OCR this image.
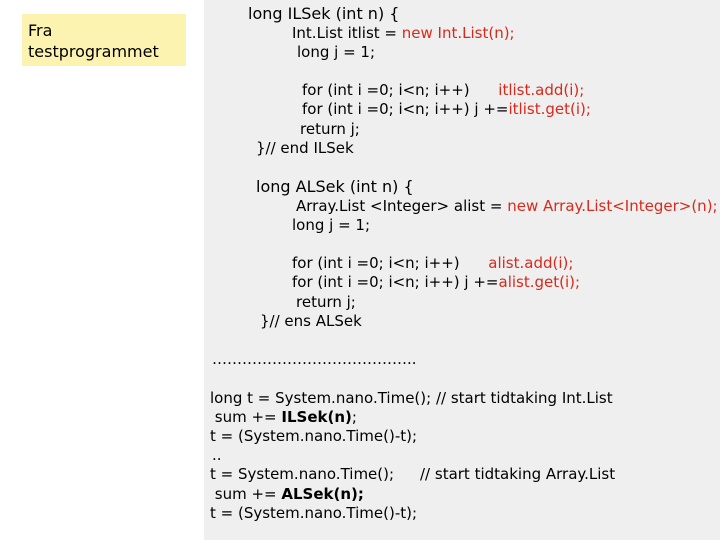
Fra
testprogrammet
long ILSek (int n) {
Int.List itlist = new Int.List(n);
long j = 1;
for (int i =0; i<n; i++)      itlist.add(i);
for (int i =0; i<n; i++) j +=itlist.get(i);
return j;
}// end ILSek
long ALSek (int n) {
Array.List <Integer> alist = new Array.List<Integer>(n);
long j = 1;
for (int i =0; i<n; i++)      alist.add(i);
for (int i =0; i<n; i++) j +=alist.get(i);
return j;
}// ens ALSek
…………………………………..
long t = System.nano.Time(); // start tidtaking Int.List
sum += ILSek(n);
t = (System.nano.Time()-t);
..
t = System.nano.Time(); // start tidtaking Array.List
sum += ALSek(n);
t = (System.nano.Time()-t);
